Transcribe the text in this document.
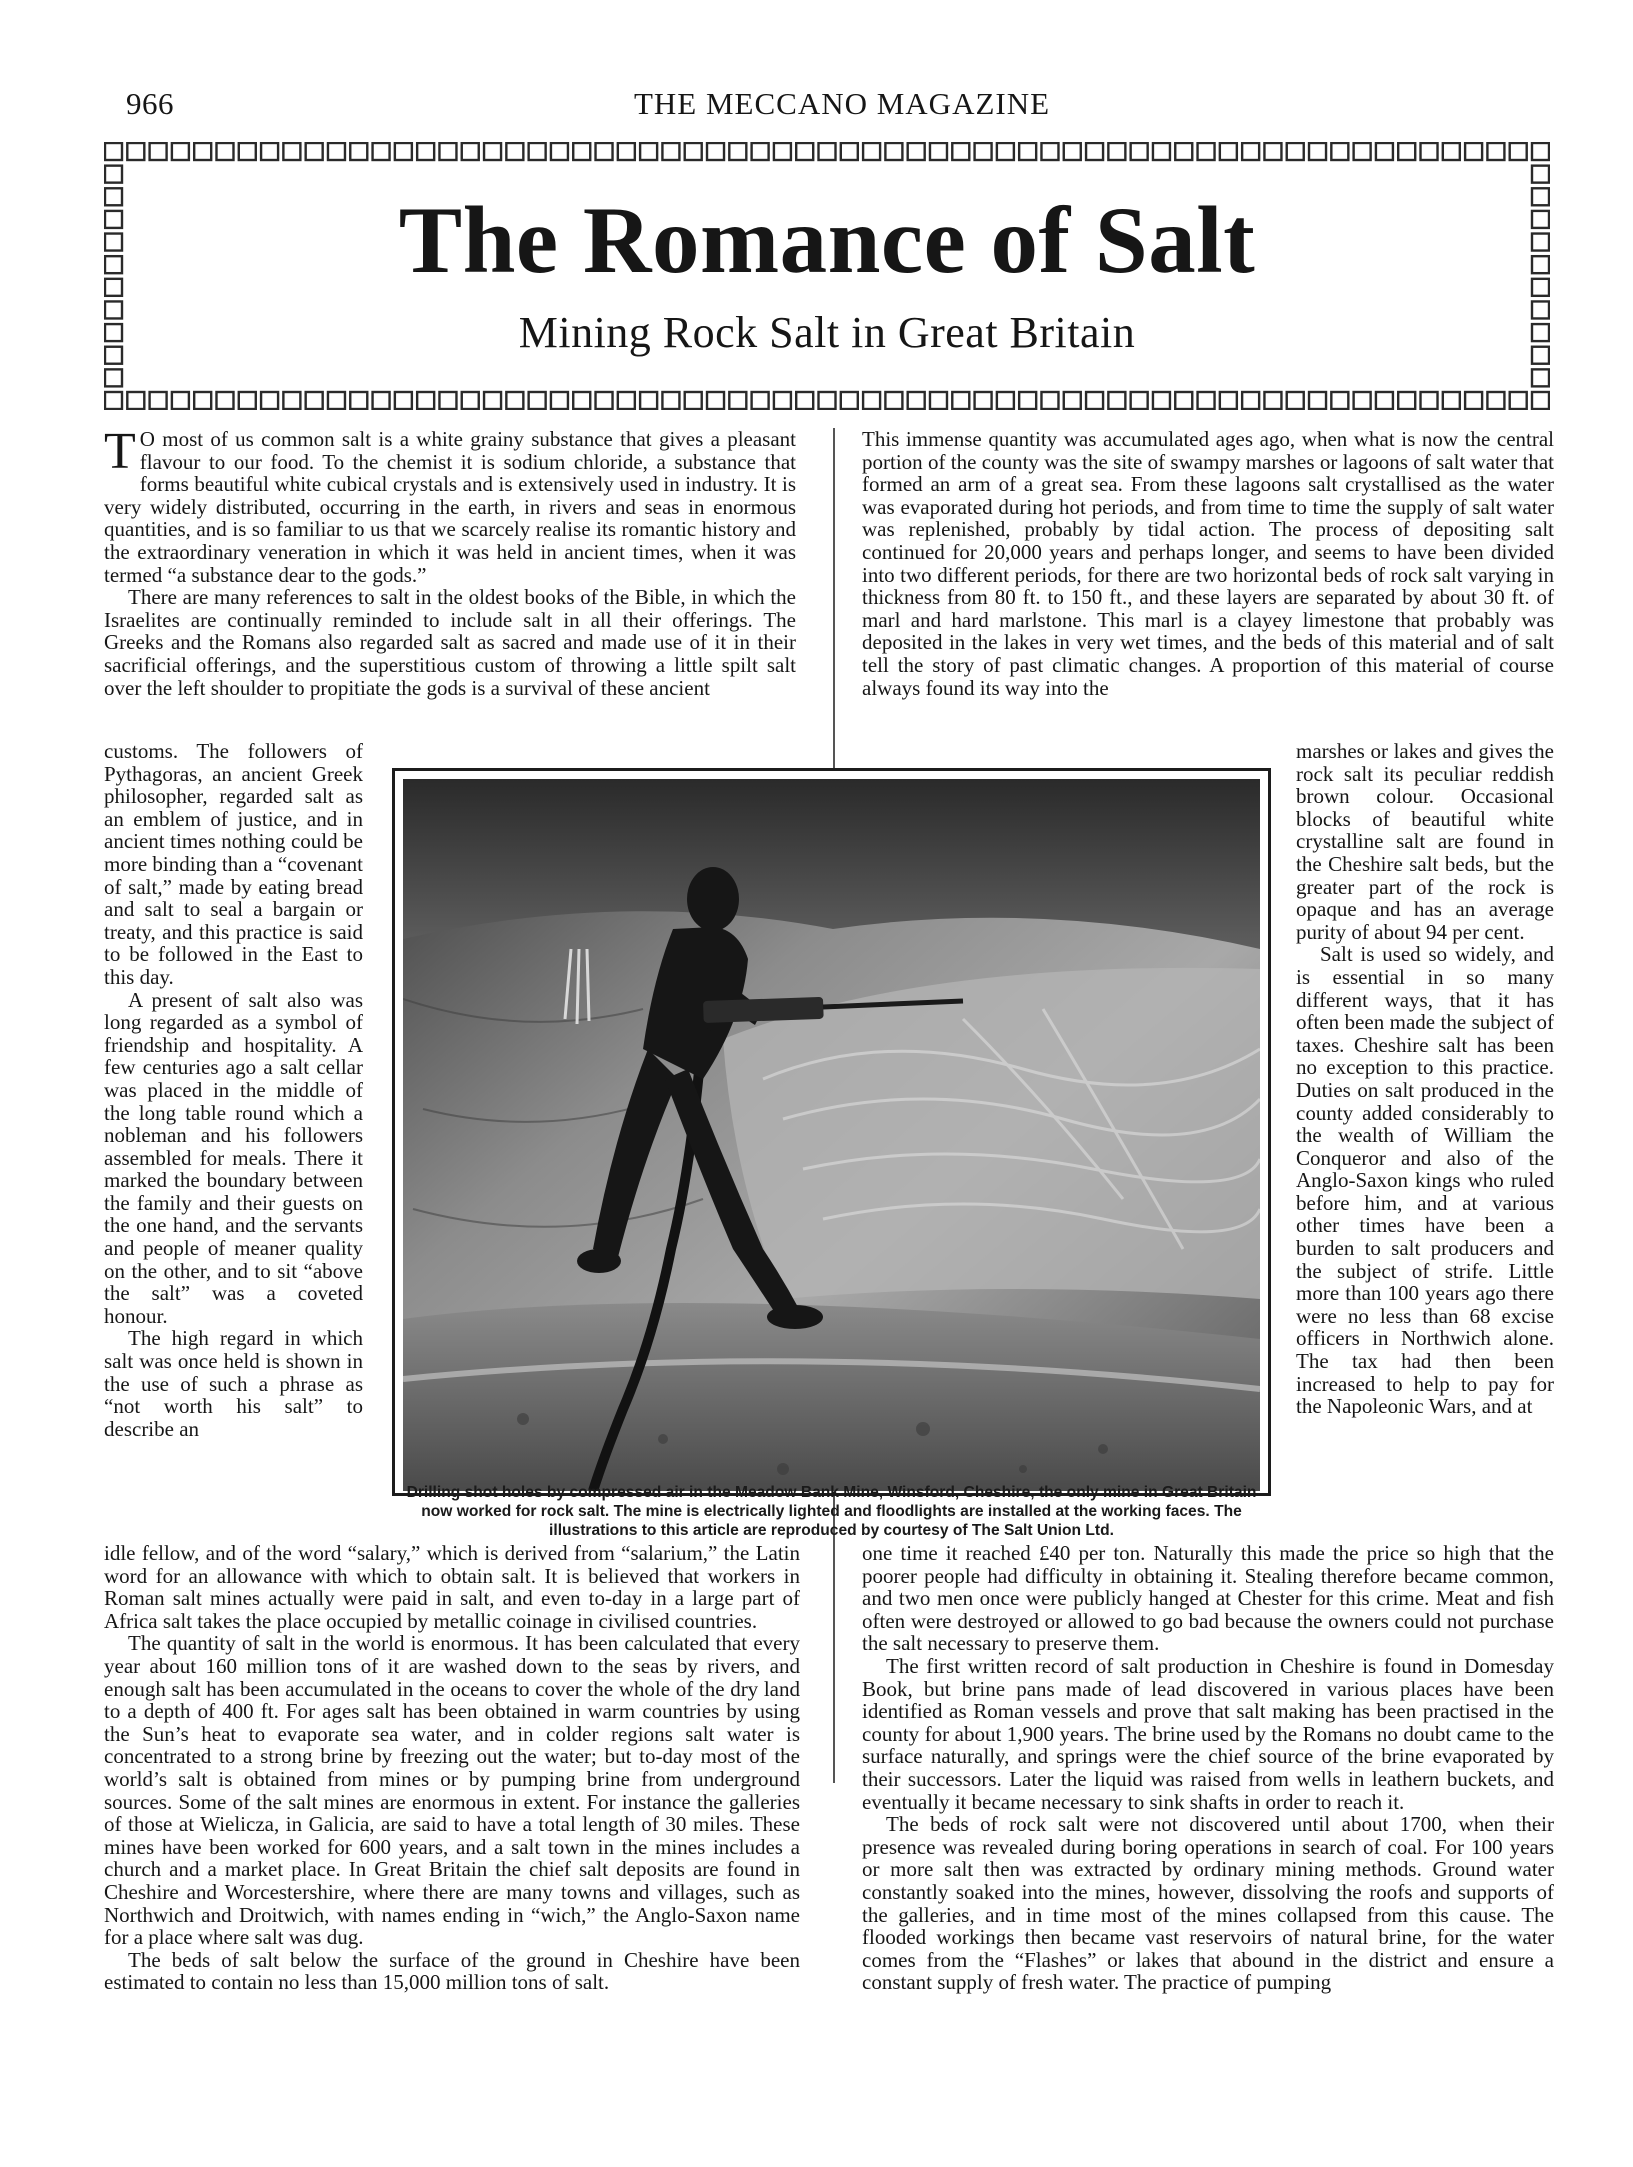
966	THE MECCANO MAGAZINE
The Romance of Salt
Mining Rock Salt in Great Britain

T O most of us common salt is a white grainy substance that gives a pleasant flavour to our food. To the chemist it is sodium chloride, a substance that forms beautiful white cubical crystals and is extensively used in industry. It is very widely distributed, occurring in the earth, in rivers and seas in enormous quantities, and is so familiar to us that we scarcely realise its romantic history and the extraordinary veneration in which it was held in ancient times, when it was termed “a substance dear to the gods.”

There are many references to salt in the oldest books of the Bible, in which the Israelites are continually reminded to include salt in all their offerings. The Greeks and the Romans also regarded salt as sacred and made use of it in their sacrificial offerings, and the superstitious custom of throwing a little spilt salt over the left shoulder to propitiate the gods is a survival of these ancient

customs. The followers of Pythagoras, an ancient Greek philosopher, regarded salt as an emblem of justice, and in ancient times nothing could be more binding than a “covenant of salt,” made by eating bread and salt to seal a bargain or treaty, and this practice is said to be followed in the East to this day.

A present of salt also was long regarded as a symbol of friendship and hospitality. A few centuries ago a salt cellar was placed in the middle of the long table round which a nobleman and his followers assembled for meals. There it marked the boundary between the family and their guests on the one hand, and the servants and people of meaner quality on the other, and to sit “above the salt” was a coveted honour.

The high regard in which salt was once held is shown in the use of such a phrase as “not worth his salt” to describe an

idle fellow, and of the word “salary,” which is derived from “salarium,” the Latin word for an allowance with which to obtain salt. It is believed that workers in Roman salt mines actually were paid in salt, and even to-day in a large part of Africa salt takes the place occupied by metallic coinage in civilised countries.

The quantity of salt in the world is enormous. It has been calculated that every year about 160 million tons of it are washed down to the seas by rivers, and enough salt has been accumulated in the oceans to cover the whole of the dry land to a depth of 400 ft. For ages salt has been obtained in warm countries by using the Sun’s heat to evaporate sea water, and in colder regions salt water is concentrated to a strong brine by freezing out the water; but to-day most of the world’s salt is obtained from mines or by pumping brine from underground sources. Some of the salt mines are enormous in extent. For instance the galleries of those at Wielicza, in Galicia, are said to have a total length of 30 miles. These mines have been worked for 600 years, and a salt town in the mines includes a church and a market place. In Great Britain the chief salt deposits are found in Cheshire and Worcestershire, where there are many towns and villages, such as Northwich and Droitwich, with names ending in “wich,” the Anglo-Saxon name for a place where salt was dug.

The beds of salt below the surface of the ground in Cheshire have been estimated to contain no less than 15,000 million tons of salt.

This immense quantity was accumulated ages ago, when what is now the central portion of the county was the site of swampy marshes or lagoons of salt water that formed an arm of a great sea. From these lagoons salt crystallised as the water was evaporated during hot periods, and from time to time the supply of salt water was replenished, probably by tidal action. The process of depositing salt continued for 20,000 years and perhaps longer, and seems to have been divided into two different periods, for there are two horizontal beds of rock salt varying in thickness from 80 ft. to 150 ft., and these layers are separated by about 30 ft. of marl and hard marlstone. This marl is a clayey limestone that probably was deposited in the lakes in very wet times, and the beds of this material and of salt tell the story of past climatic changes. A proportion of this material of course always found its way into the

marshes or lakes and gives the rock salt its peculiar reddish brown colour. Occasional blocks of beautiful white crystalline salt are found in the Cheshire salt beds, but the greater part of the rock is opaque and has an average purity of about 94 per cent.

Salt is used so widely, and is essential in so many different ways, that it has often been made the subject of taxes. Cheshire salt has been no exception to this practice. Duties on salt produced in the county added considerably to the wealth of William the Conqueror and also of the Anglo-Saxon kings who ruled before him, and at various other times have been a burden to salt producers and the subject of strife. Little more than 100 years ago there were no less than 68 excise officers in Northwich alone. The tax had then been increased to help to pay for the Napoleonic Wars, and at

one time it reached £40 per ton. Naturally this made the price so high that the poorer people had difficulty in obtaining it. Stealing therefore became common, and two men once were publicly hanged at Chester for this crime. Meat and fish often were destroyed or allowed to go bad because the owners could not purchase the salt necessary to preserve them.

The first written record of salt production in Cheshire is found in Domesday Book, but brine pans made of lead discovered in various places have been identified as Roman vessels and prove that salt making has been practised in the county for about 1,900 years. The brine used by the Romans no doubt came to the surface naturally, and springs were the chief source of the brine evaporated by their successors. Later the liquid was raised from wells in leathern buckets, and eventually it became necessary to sink shafts in order to reach it.

The beds of rock salt were not discovered until about 1700, when their presence was revealed during boring operations in search of coal. For 100 years or more salt then was extracted by ordinary mining methods. Ground water constantly soaked into the mines, however, dissolving the roofs and supports of the galleries, and in time most of the mines collapsed from this cause. The flooded workings then became vast reservoirs of natural brine, for the water comes from the “Flashes” or lakes that abound in the district and ensure a constant supply of fresh water. The practice of pumping

Drilling shot holes by compressed air in the Meadow Bank Mine, Winsford, Cheshire, the only mine in Great Britain now worked for rock salt. The mine is electrically lighted and floodlights are installed at the working faces. The illustrations to this article are reproduced by courtesy of The Salt Union Ltd.
